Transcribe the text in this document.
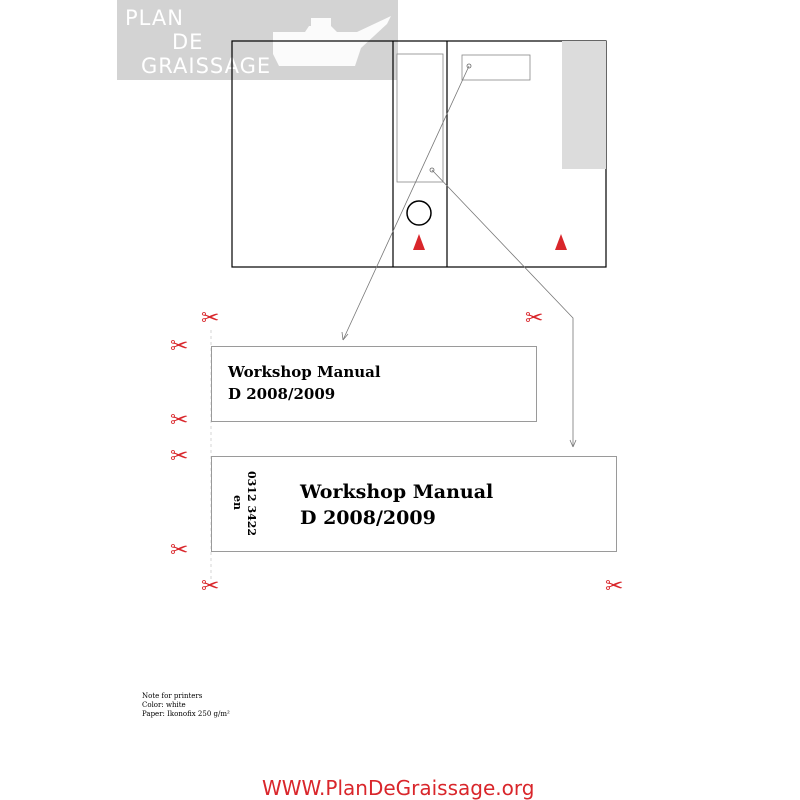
PLAN
DE
GRAISSAGE
Workshop Manual
D 2008/2009
Workshop Manual
D 2008/2009
0312 3422
en
✂	✂
✂
✂
✂
✂
✂	✂
Note for printers
Color: white
Paper: Ikonofix 250 g/m²
WWW.PlanDeGraissage.org
